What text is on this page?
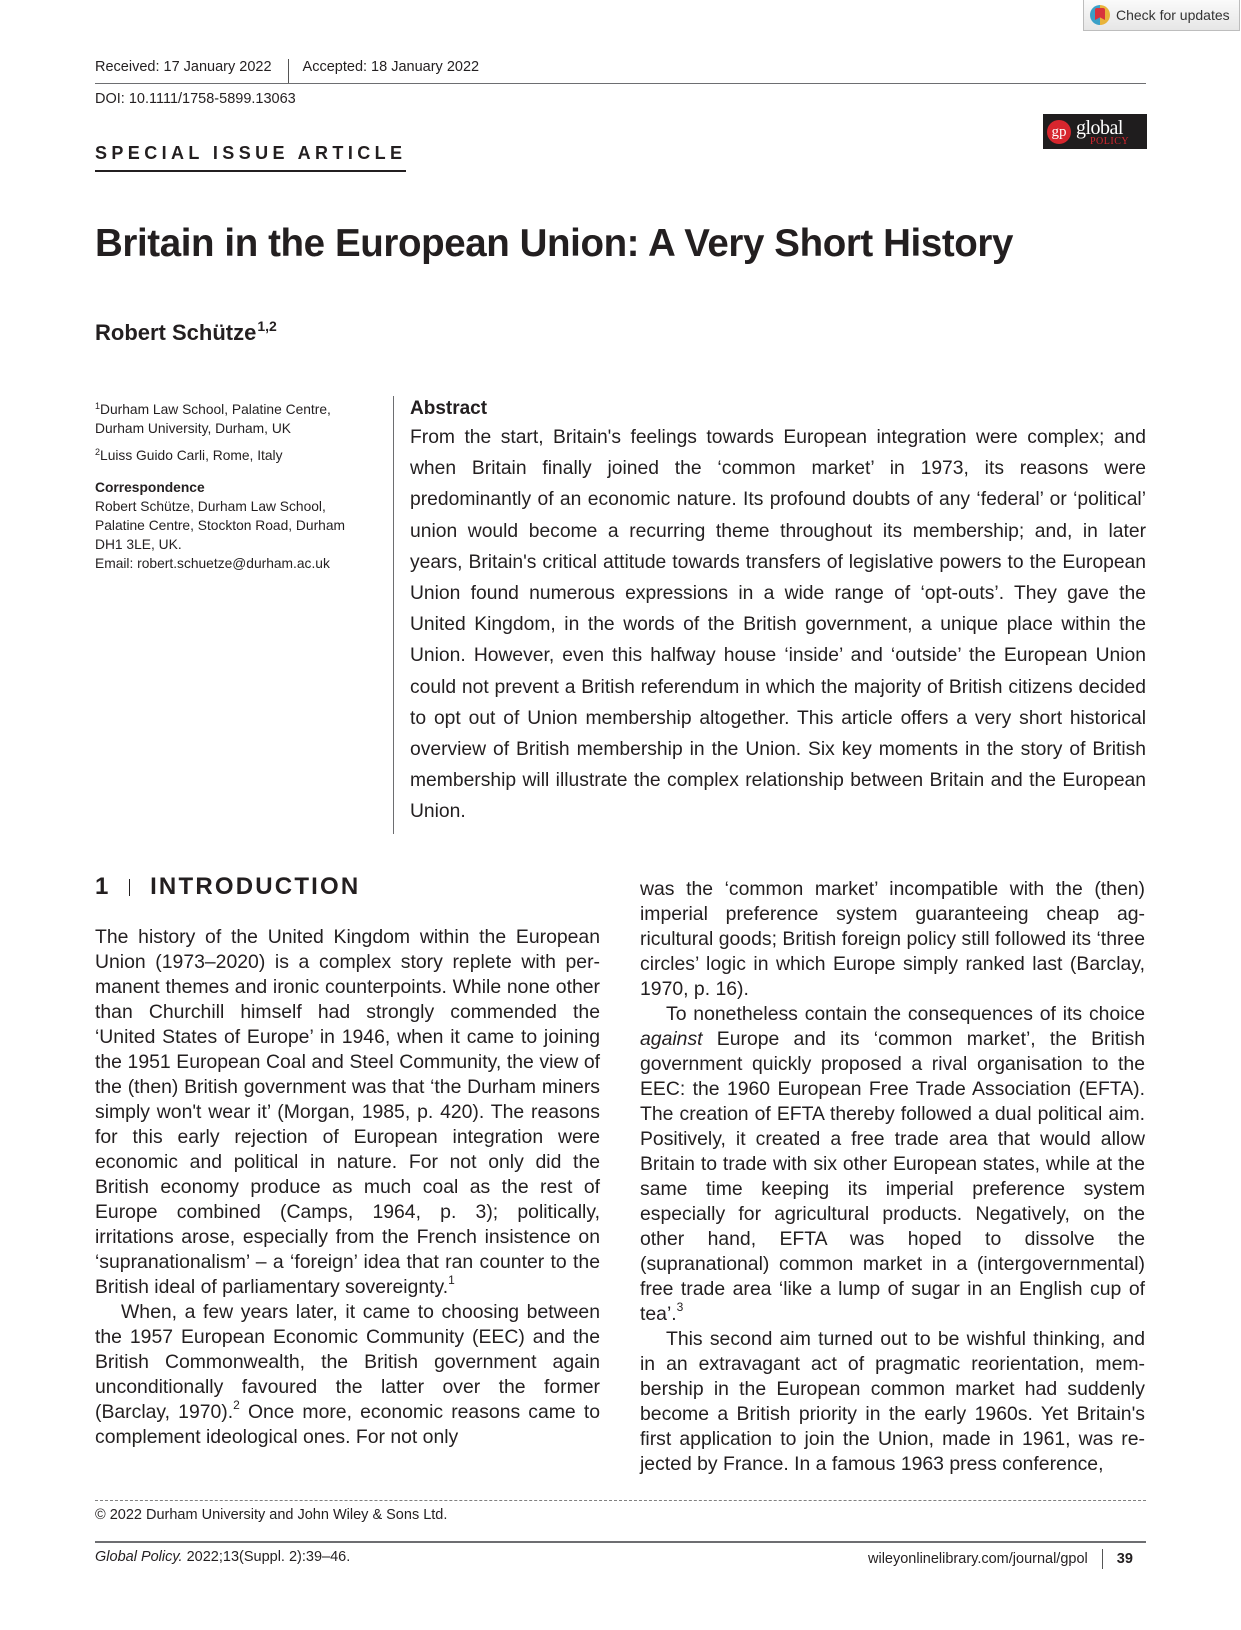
Check for updates
Received: 17 January 2022 Accepted: 18 January 2022
DOI: 10.1111/1758-5899.13063
gp global
POLICY
SPECIAL ISSUE ARTICLE
Britain in the European Union: A Very Short History
Robert Schütze$^{1,2}$

$^1$Durham Law School, Palatine Centre, Durham University, Durham, UK

$^2$Luiss Guido Carli, Rome, Italy

Correspondence
Robert Schütze, Durham Law School,
Palatine Centre, Stockton Road, Durham
DH1 3LE, UK.
Email: robert.schuetze@durham.ac.uk
Abstract

From the start, Britain's feelings towards European integration were complex; and when Britain finally joined the ‘common market’ in 1973, its reasons were predominantly of an economic nature. Its profound doubts of any ‘federal’ or ‘political’ union would become a recurring theme throughout its membership; and, in later years, Britain's critical attitude towards transfers of legislative powers to the European Union found numerous expressions in a wide range of ‘opt-outs’. They gave the United Kingdom, in the words of the British government, a unique place within the Union. However, even this halfway house ‘inside’ and ‘outside’ the European Union could not prevent a British referendum in which the majority of British citizens decided to opt out of Union membership altogether. This article offers a very short historical overview of British membership in the Union. Six key moments in the story of British membership will illustrate the complex relationship between Britain and the European Union.

1 INTRODUCTION

The history of the United Kingdom within the European Union (1973–2020) is a complex story replete with permanent themes and ironic counterpoints. While none other than Churchill himself had strongly commended the ‘United States of Europe’ in 1946, when it came to joining the 1951 European Coal and Steel Community, the view of the (then) British government was that ‘the Durham miners simply won't wear it’ (Morgan, 1985, p. 420). The reasons for this early rejection of European integration were economic and political in nature. For not only did the British economy produce as much coal as the rest of Europe combined (Camps, 1964, p. 3); politically, irritations arose, especially from the French insistence on ‘supranationalism’ – a ‘foreign’ idea that ran counter to the British ideal of parliamentary sovereignty.$^1$

When, a few years later, it came to choosing between the 1957 European Economic Community (EEC) and the British Commonwealth, the British government again unconditionally favoured the latter over the former (Barclay, 1970).$^2$ Once more, economic reasons came to complement ideological ones. For not only

was the ‘common market’ incompatible with the (then) imperial preference system guaranteeing cheap agricultural goods; British foreign policy still followed its ‘three circles’ logic in which Europe simply ranked last (Barclay, 1970, p. 16).

To nonetheless contain the consequences of its choice against Europe and its ‘common market’, the British government quickly proposed a rival organisation to the EEC: the 1960 European Free Trade Association (EFTA). The creation of EFTA thereby followed a dual political aim. Positively, it created a free trade area that would allow Britain to trade with six other European states, while at the same time keeping its imperial preference system especially for agricultural products. Negatively, on the other hand, EFTA was hoped to dissolve the (supranational) common market in a (intergovernmental) free trade area ‘like a lump of sugar in an English cup of tea’.$^3$

This second aim turned out to be wishful thinking, and in an extravagant act of pragmatic reorientation, membership in the European common market had suddenly become a British priority in the early 1960s. Yet Britain's first application to join the Union, made in 1961, was rejected by France. In a famous 1963 press conference,

© 2022 Durham University and John Wiley & Sons Ltd.
Global Policy. 2022;13(Suppl. 2):39–46.	wileyonlinelibrary.com/journal/gpol 39
